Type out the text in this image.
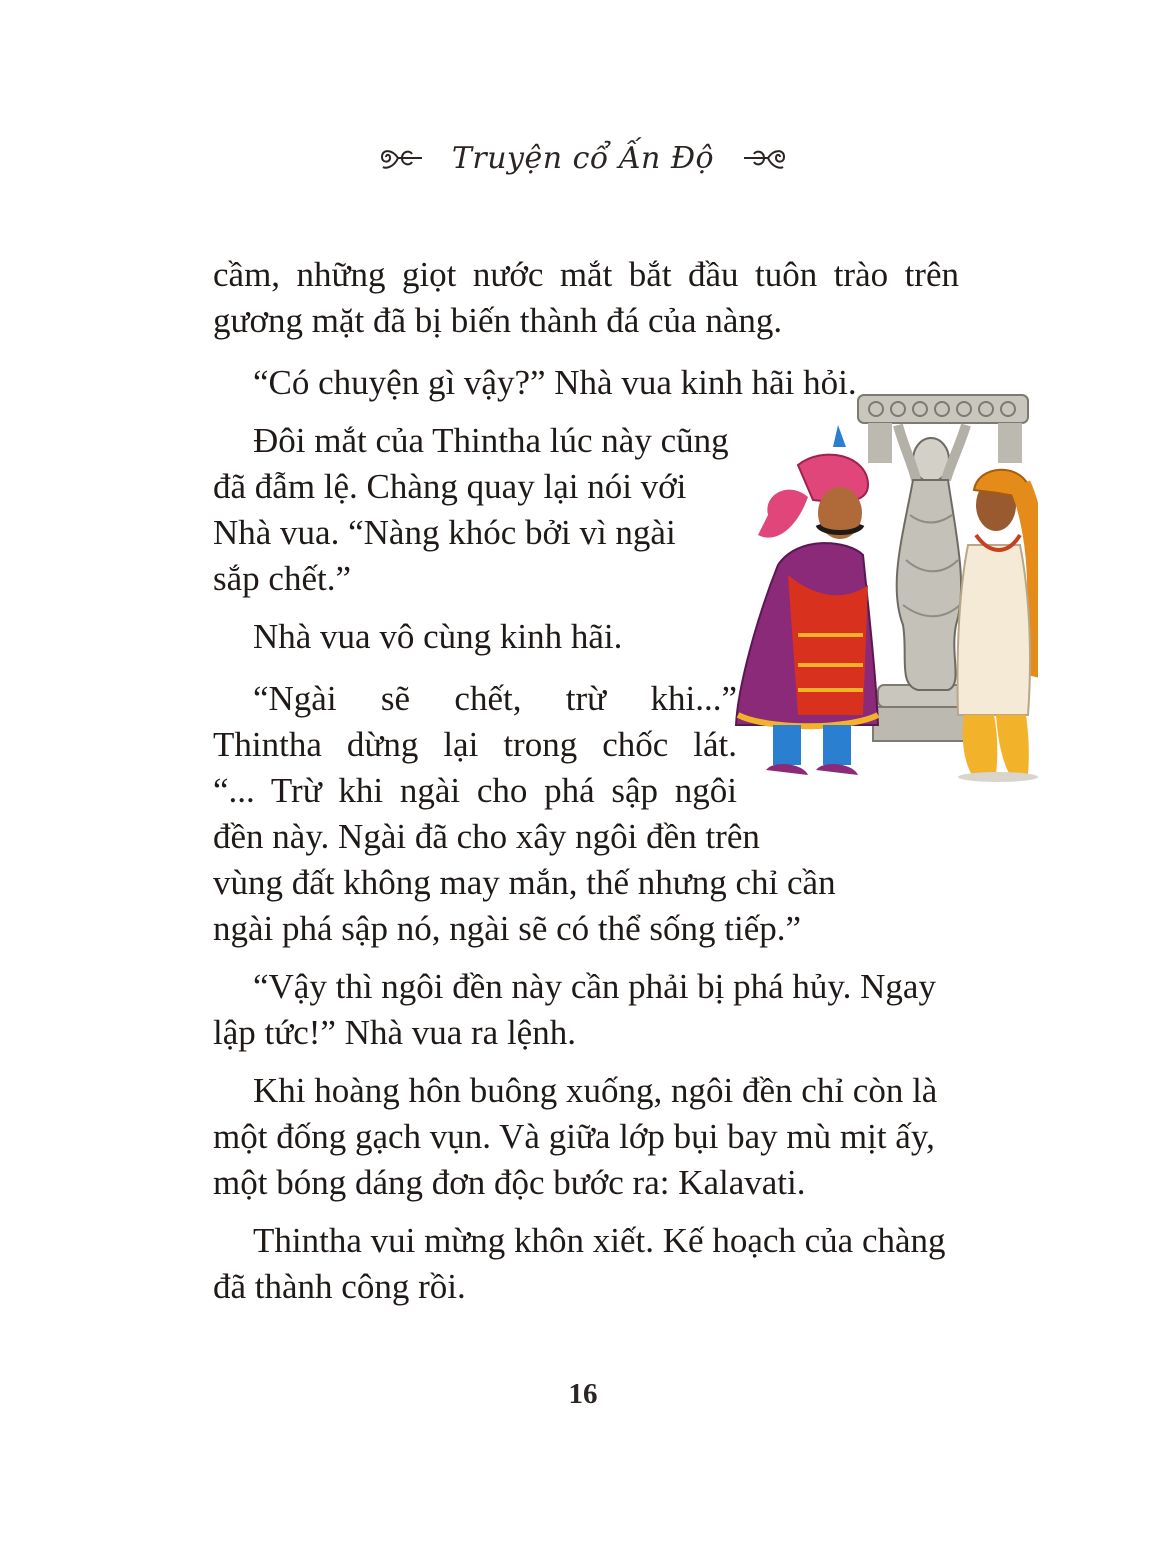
Truyện cổ Ấn Độ
cầm, những giọt nước mắt bắt đầu tuôn trào trên
gương mặt đã bị biến thành đá của nàng.
“Có chuyện gì vậy?” Nhà vua kinh hãi hỏi.
Đôi mắt của Thintha lúc này cũng
đã đẫm lệ. Chàng quay lại nói với
Nhà vua. “Nàng khóc bởi vì ngài
sắp chết.”
Nhà vua vô cùng kinh hãi.
“Ngài sẽ chết, trừ khi...”
Thintha dừng lại trong chốc lát.
“... Trừ khi ngài cho phá sập ngôi
đền này. Ngài đã cho xây ngôi đền trên
vùng đất không may mắn, thế nhưng chỉ cần
ngài phá sập nó, ngài sẽ có thể sống tiếp.”
“Vậy thì ngôi đền này cần phải bị phá hủy. Ngay
lập tức!” Nhà vua ra lệnh.
Khi hoàng hôn buông xuống, ngôi đền chỉ còn là
một đống gạch vụn. Và giữa lớp bụi bay mù mịt ấy,
một bóng dáng đơn độc bước ra: Kalavati.
Thintha vui mừng khôn xiết. Kế hoạch của chàng
đã thành công rồi.
16
